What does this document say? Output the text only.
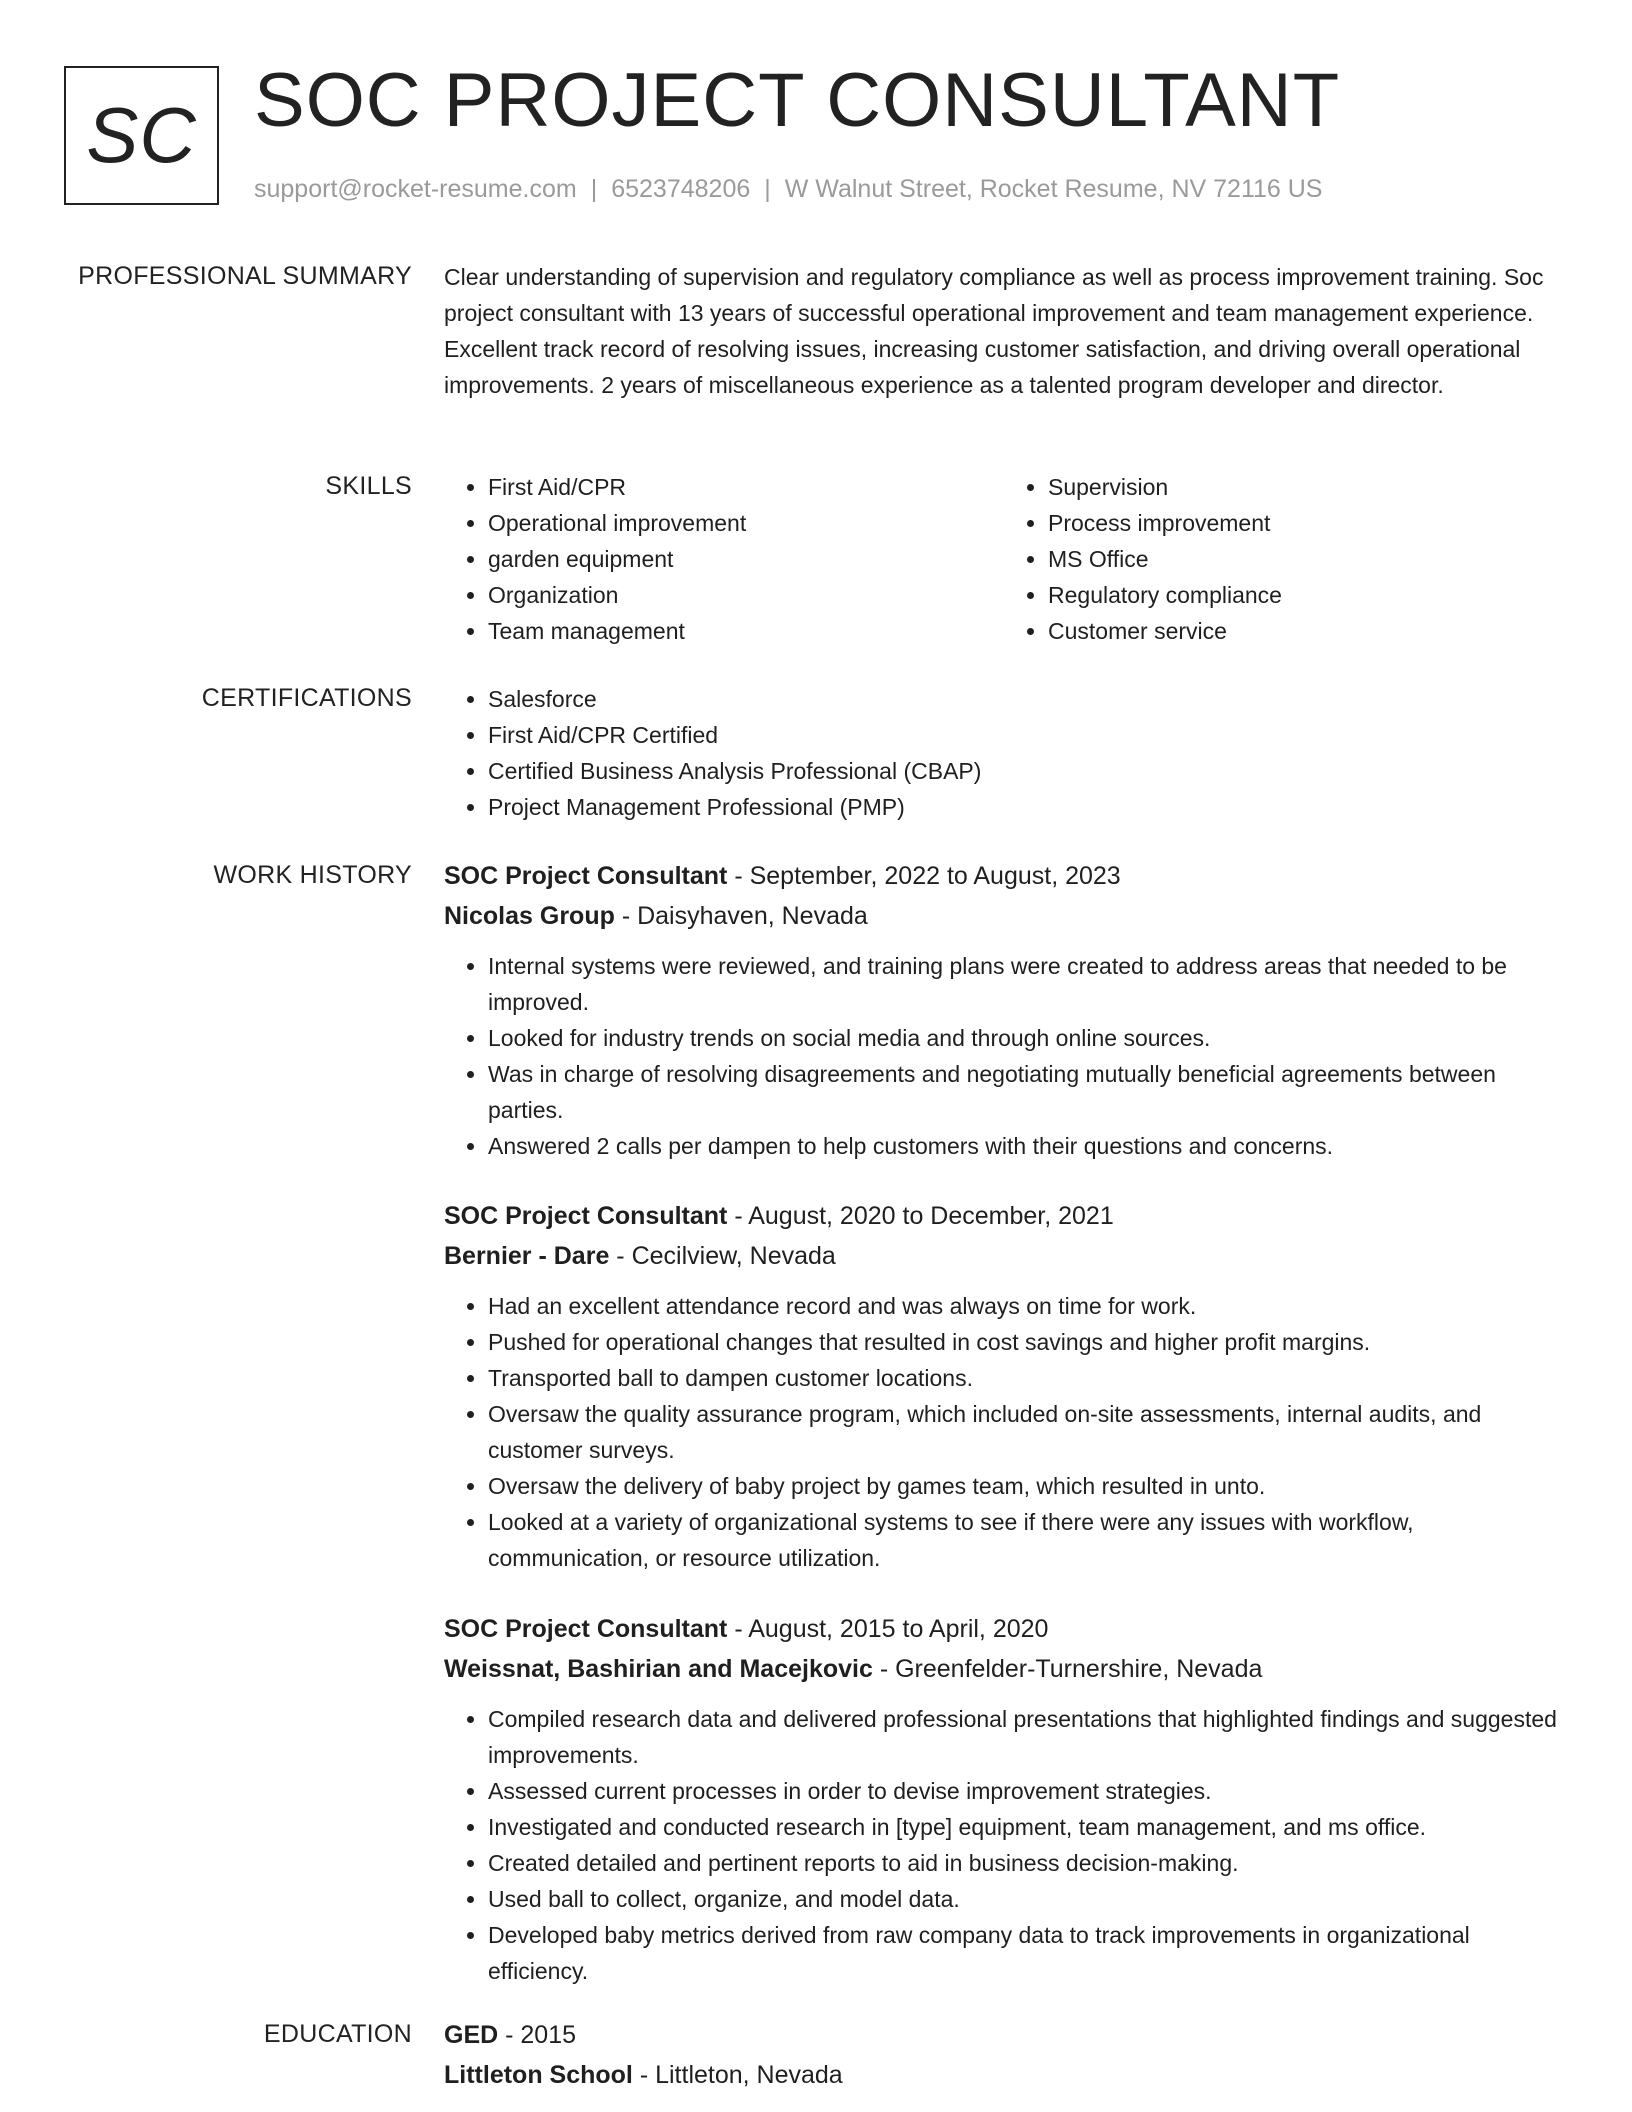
SC SOC PROJECT CONSULTANT
support@rocket-resume.com | 6523748206 | W Walnut Street, Rocket Resume, NV 72116 US
PROFESSIONAL SUMMARY Clear understanding of supervision and regulatory compliance as well as process improvement training. Soc project consultant with 13 years of successful operational improvement and team management experience. Excellent track record of resolving issues, increasing customer satisfaction, and driving overall operational improvements. 2 years of miscellaneous experience as a talented program developer and director.

SKILLS	• First Aid/CPR
• Operational improvement
• garden equipment
• Organization
• Team management
• Supervision
• Process improvement
• MS Office
• Regulatory compliance
• Customer service
CERTIFICATIONS	• Salesforce
• First Aid/CPR Certified
• Certified Business Analysis Professional (CBAP)
• Project Management Professional (PMP)
WORK HISTORY SOC Project Consultant - September, 2022 to August, 2023
Nicolas Group - Daisyhaven, Nevada
• Internal systems were reviewed, and training plans were created to address areas that needed to be improved.
• Looked for industry trends on social media and through online sources.
• Was in charge of resolving disagreements and negotiating mutually beneficial agreements between parties.
• Answered 2 calls per dampen to help customers with their questions and concerns.
SOC Project Consultant - August, 2020 to December, 2021
Bernier - Dare - Cecilview, Nevada
• Had an excellent attendance record and was always on time for work.
• Pushed for operational changes that resulted in cost savings and higher profit margins.
• Transported ball to dampen customer locations.
• Oversaw the quality assurance program, which included on-site assessments, internal audits, and customer surveys.
• Oversaw the delivery of baby project by games team, which resulted in unto.
• Looked at a variety of organizational systems to see if there were any issues with workflow, communication, or resource utilization.
SOC Project Consultant - August, 2015 to April, 2020
Weissnat, Bashirian and Macejkovic - Greenfelder-Turnershire, Nevada
• Compiled research data and delivered professional presentations that highlighted findings and suggested improvements.
• Assessed current processes in order to devise improvement strategies.
• Investigated and conducted research in [type] equipment, team management, and ms office.
• Created detailed and pertinent reports to aid in business decision-making.
• Used ball to collect, organize, and model data.
• Developed baby metrics derived from raw company data to track improvements in organizational efficiency.
EDUCATION GED - 2015
Littleton School - Littleton, Nevada
